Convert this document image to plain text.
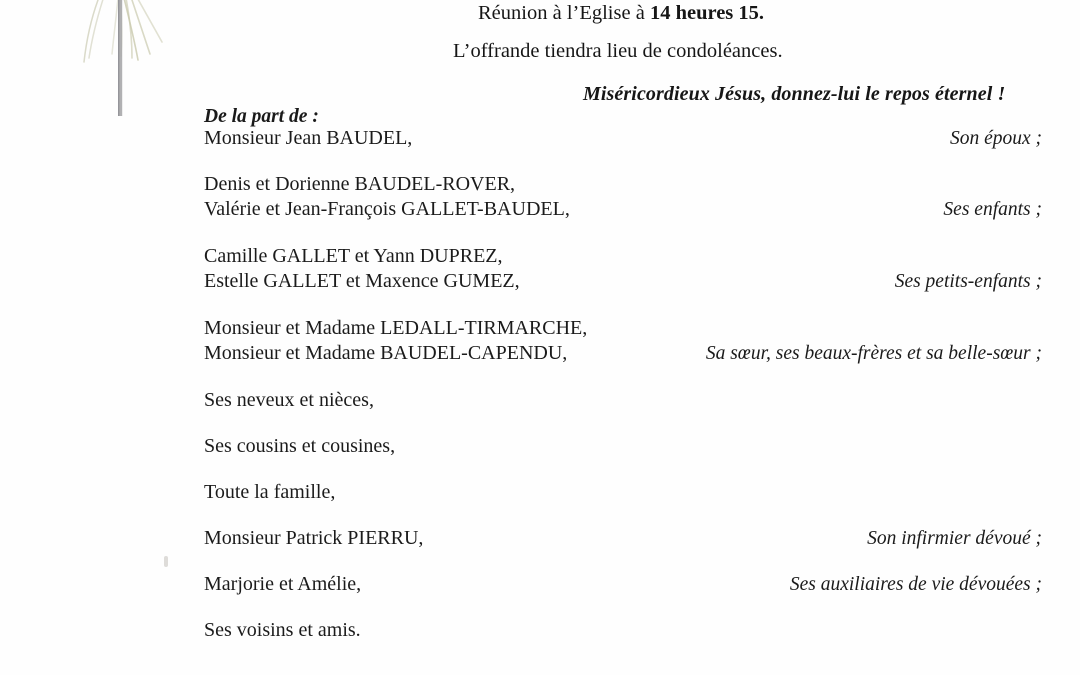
Réunion à l’Eglise à 14 heures 15.
L’offrande tiendra lieu de condoléances.
Miséricordieux Jésus, donnez-lui le repos éternel !
De la part de :
Monsieur Jean BAUDEL,	Son époux ;
Denis et Dorienne BAUDEL-ROVER,
Valérie et Jean-François GALLET-BAUDEL,	Ses enfants ;
Camille GALLET et Yann DUPREZ,
Estelle GALLET et Maxence GUMEZ,	Ses petits-enfants ;
Monsieur et Madame LEDALL-TIRMARCHE,
Monsieur et Madame BAUDEL-CAPENDU,	Sa sœur, ses beaux-frères et sa belle-sœur ;
Ses neveux et nièces,
Ses cousins et cousines,
Toute la famille,
Monsieur Patrick PIERRU,	Son infirmier dévoué ;
Marjorie et Amélie,	Ses auxiliaires de vie dévouées ;
Ses voisins et amis.
